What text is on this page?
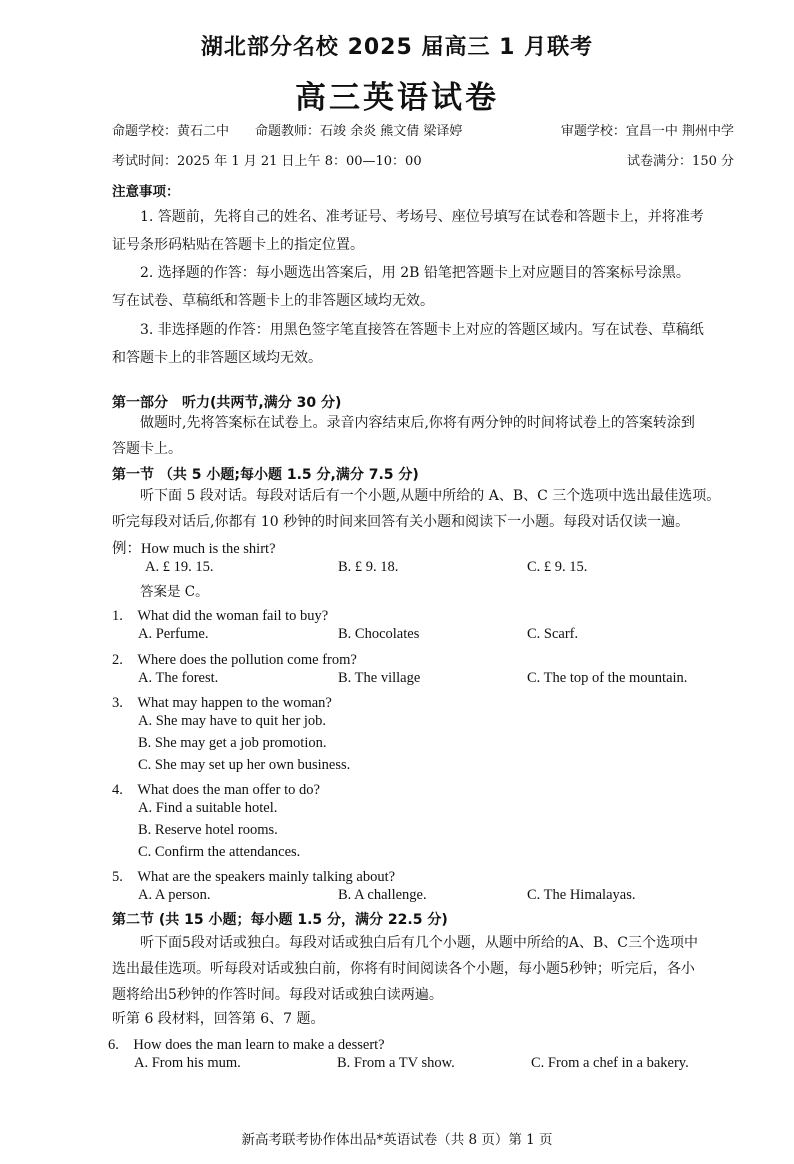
湖北部分名校 2025 届高三 1 月联考
高三英语试卷
命题学校：黄石二中　　命题教师：石竣 余炎 熊文倩 梁译婷	审题学校：宜昌一中 荆州中学
考试时间：2025 年 1 月 21 日上午 8：00—10：00	试卷满分：150 分
注意事项：
1. 答题前，先将自己的姓名、准考证号、考场号、座位号填写在试卷和答题卡上，并将准考
证号条形码粘贴在答题卡上的指定位置。
2. 选择题的作答：每小题选出答案后，用 2B 铅笔把答题卡上对应题目的答案标号涂黑。
写在试卷、草稿纸和答题卡上的非答题区域均无效。
3. 非选择题的作答：用黑色签字笔直接答在答题卡上对应的答题区域内。写在试卷、草稿纸
和答题卡上的非答题区域均无效。
第一部分　听力(共两节,满分 30 分)
做题时,先将答案标在试卷上。录音内容结束后,你将有两分钟的时间将试卷上的答案转涂到
答题卡上。
第一节 （共 5 小题;每小题 1.5 分,满分 7.5 分)
听下面 5 段对话。每段对话后有一个小题,从题中所给的 A、B、C 三个选项中选出最佳选项。
听完每段对话后,你都有 10 秒钟的时间来回答有关小题和阅读下一小题。每段对话仅读一遍。
例：How much is the shirt?
A. £ 19. 15.	B. £ 9. 18.	C. £ 9. 15.
答案是 C。
1.　What did the woman fail to buy?
A. Perfume.	B. Chocolates	C. Scarf.
2.　Where does the pollution come from?
A. The forest.	B. The village	C. The top of the mountain.
3.　What may happen to the woman?
A. She may have to quit her job.
B. She may get a job promotion.
C. She may set up her own business.
4.　What does the man offer to do?
A. Find a suitable hotel.
B. Reserve hotel rooms.
C. Confirm the attendances.
5.　What are the speakers mainly talking about?
A. A person.	B. A challenge.	C. The Himalayas.
第二节 (共 15 小题；每小题 1.5 分，满分 22.5 分)
听下面5段对话或独白。每段对话或独白后有几个小题，从题中所给的A、B、C三个选项中
选出最佳选项。听每段对话或独白前，你将有时间阅读各个小题，每小题5秒钟；听完后，各小
题将给出5秒钟的作答时间。每段对话或独白读两遍。
听第 6 段材料，回答第 6、7 题。
6.　How does the man learn to make a dessert?
A. From his mum.	B. From a TV show.	C. From a chef in a bakery.
新高考联考协作体出品*英语试卷（共 8 页）第 1 页
